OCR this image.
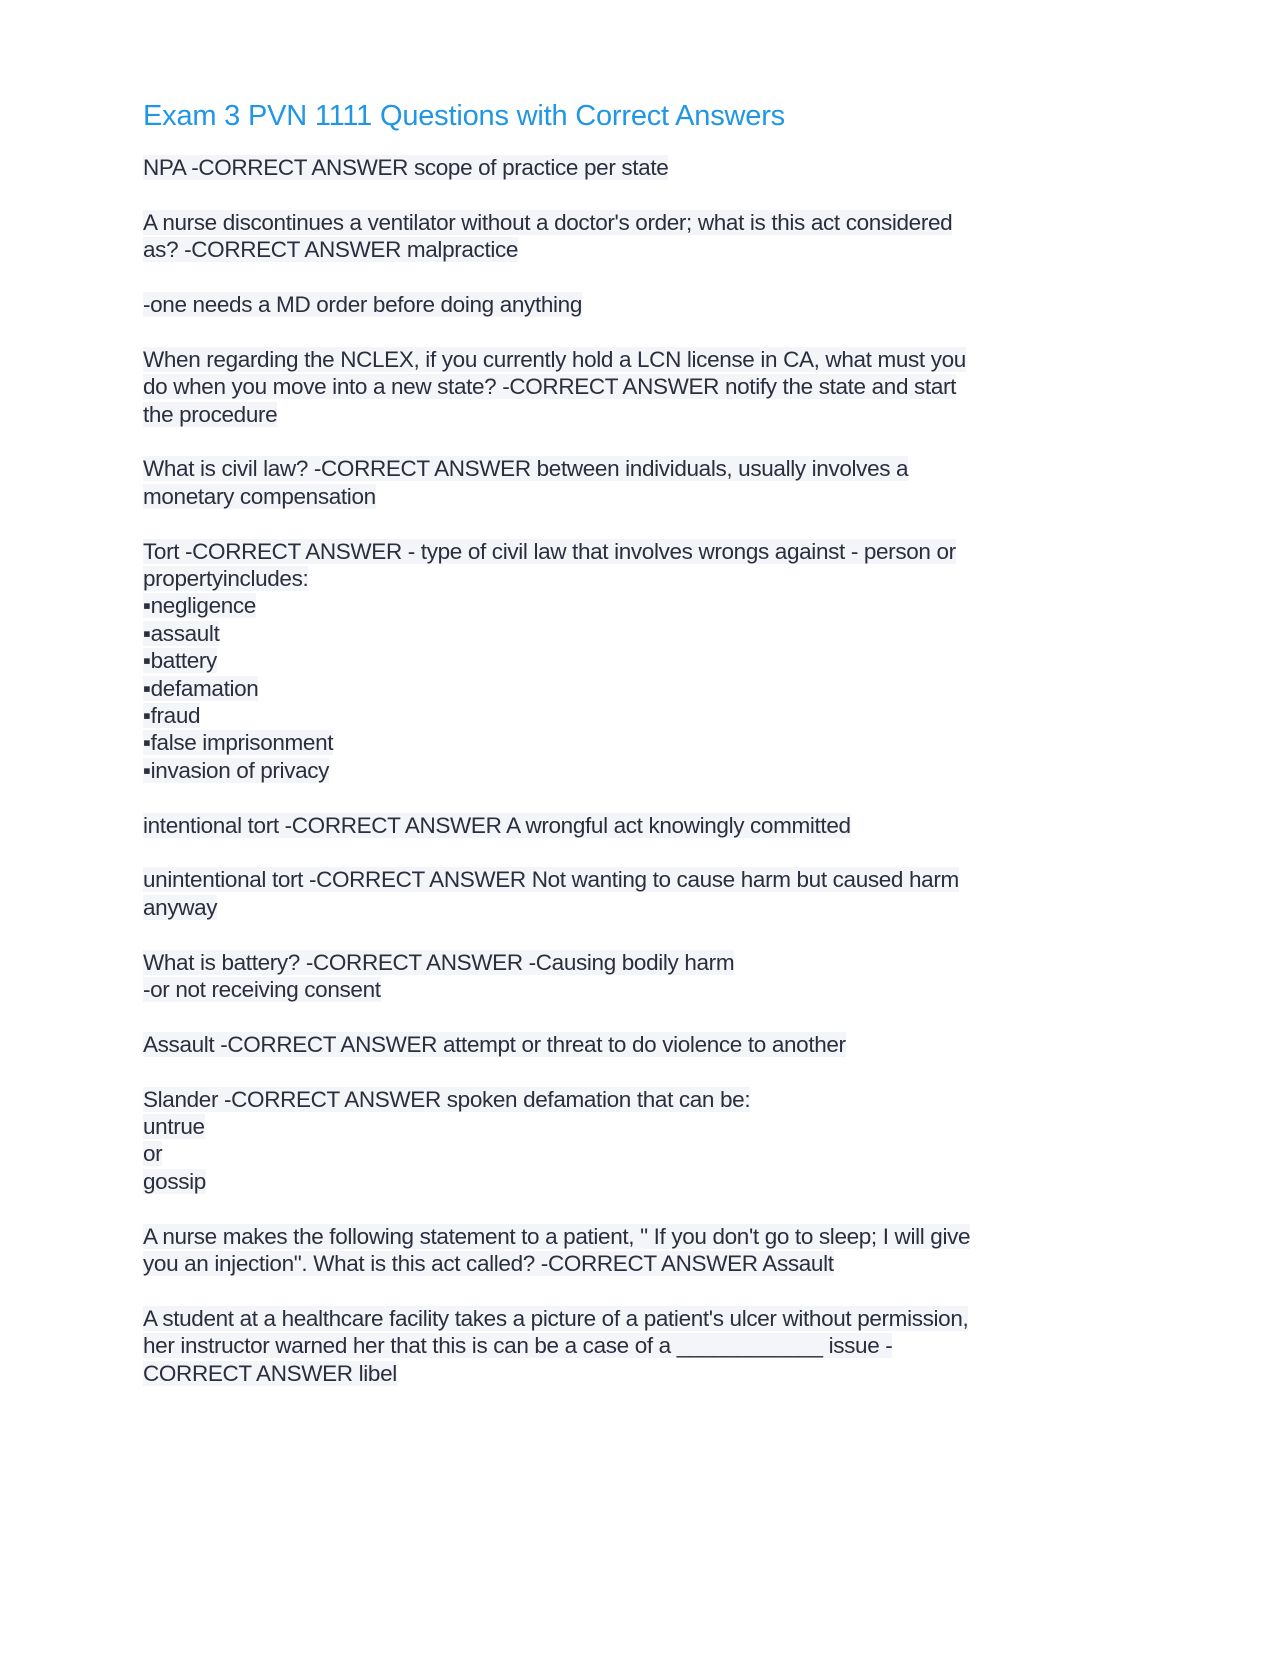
Exam 3 PVN 1111 Questions with Correct Answers
NPA -CORRECT ANSWER scope of practice per state
A nurse discontinues a ventilator without a doctor's order; what is this act considered
as? -CORRECT ANSWER malpractice
-one needs a MD order before doing anything
When regarding the NCLEX, if you currently hold a LCN license in CA, what must you
do when you move into a new state? -CORRECT ANSWER notify the state and start
the procedure
What is civil law? -CORRECT ANSWER between individuals, usually involves a
monetary compensation
Tort -CORRECT ANSWER - type of civil law that involves wrongs against - person or
propertyincludes:
▪negligence
▪assault
▪battery
▪defamation
▪fraud
▪false imprisonment
▪invasion of privacy
intentional tort -CORRECT ANSWER A wrongful act knowingly committed
unintentional tort -CORRECT ANSWER Not wanting to cause harm but caused harm
anyway
What is battery? -CORRECT ANSWER -Causing bodily harm
-or not receiving consent
Assault -CORRECT ANSWER attempt or threat to do violence to another
Slander -CORRECT ANSWER spoken defamation that can be:
untrue
or
gossip
A nurse makes the following statement to a patient, " If you don't go to sleep; I will give
you an injection". What is this act called? -CORRECT ANSWER Assault
A student at a healthcare facility takes a picture of a patient's ulcer without permission,
her instructor warned her that this is can be a case of a ____________ issue -
CORRECT ANSWER libel
